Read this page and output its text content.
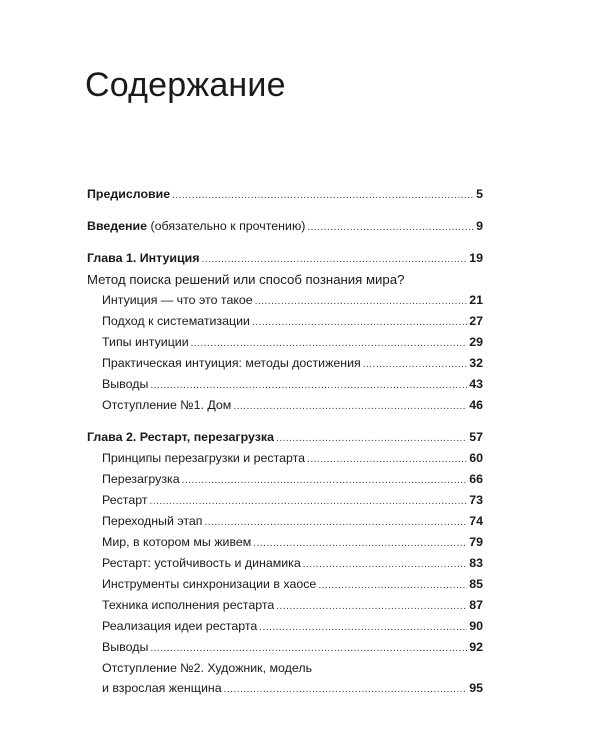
Содержание
Предисловие .....	5
Введение (обязательно к прочтению) .....	9
Глава 1. Интуиция .....	19
Метод поиска решений или способ познания мира?
Интуиция — что это такое .....	21
Подход к систематизации .....	27
Типы интуиции .....	29
Практическая интуиция: методы достижения .....	32
Выводы .....	43
Отступление №1. Дом .....	46
Глава 2. Рестарт, перезагрузка .....	57
Принципы перезагрузки и рестарта .....	60
Перезагрузка .....	66
Рестарт .....	73
Переходный этап .....	74
Мир, в котором мы живем .....	79
Рестарт: устойчивость и динамика .....	83
Инструменты синхронизации в хаосе .....	85
Техника исполнения рестарта .....	87
Реализация идеи рестарта .....	90
Выводы .....	92
Отступление №2. Художник, модель
и взрослая женщина .....	95
